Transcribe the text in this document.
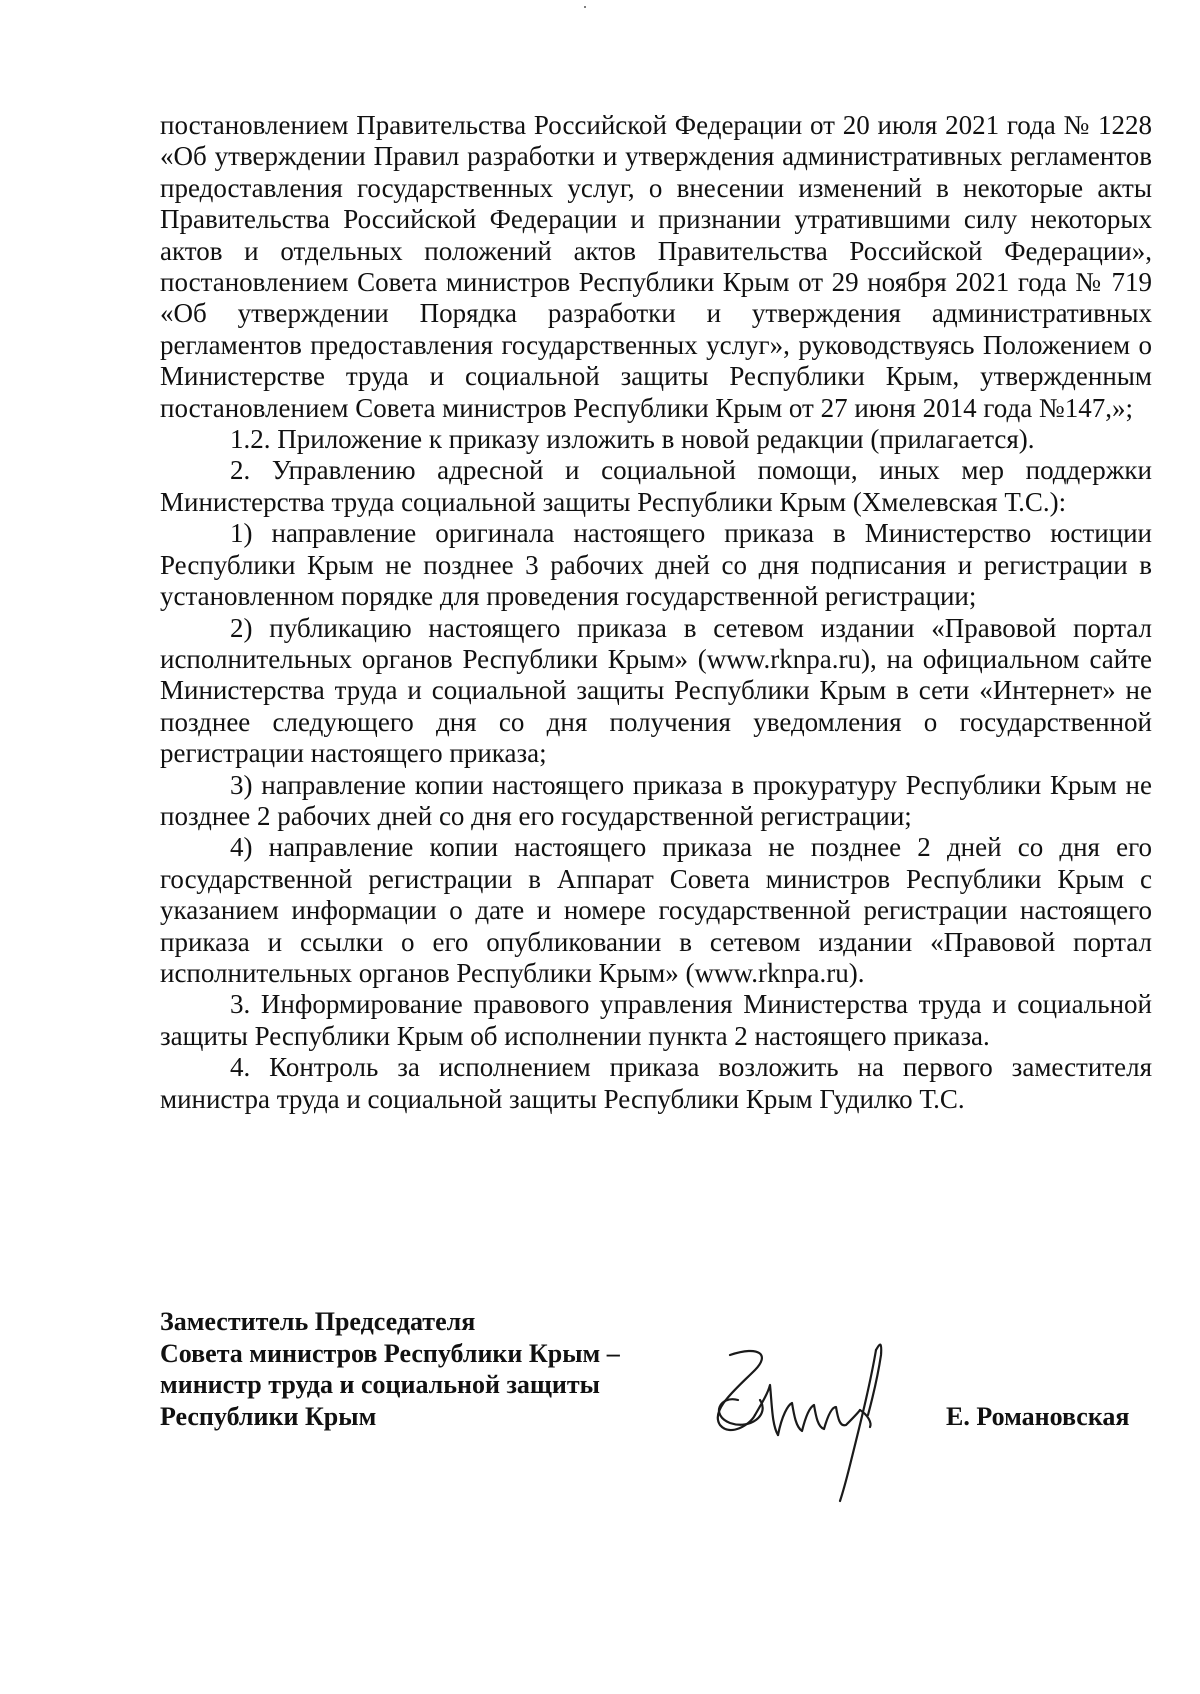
постановлением Правительства Российской Федерации от 20 июля 2021 года № 1228 «Об утверждении Правил разработки и утверждения административных регламентов предоставления государственных услуг, о внесении изменений в некоторые акты Правительства Российской Федерации и признании утратившими силу некоторых актов и отдельных положений актов Правительства Российской Федерации», постановлением Совета министров Республики Крым от 29 ноября 2021 года № 719 «Об утверждении Порядка разработки и утверждения административных регламентов предоставления государственных услуг», руководствуясь Положением о Министерстве труда и социальной защиты Республики Крым, утвержденным постановлением Совета министров Республики Крым от 27 июня 2014 года №147,»;

1.2. Приложение к приказу изложить в новой редакции (прилагается).

2. Управлению адресной и социальной помощи, иных мер поддержки Министерства труда социальной защиты Республики Крым (Хмелевская Т.С.):

1) направление оригинала настоящего приказа в Министерство юстиции Республики Крым не позднее 3 рабочих дней со дня подписания и регистрации в установленном порядке для проведения государственной регистрации;

2) публикацию настоящего приказа в сетевом издании «Правовой портал исполнительных органов Республики Крым» (www.rknpa.ru), на официальном сайте Министерства труда и социальной защиты Республики Крым в сети «Интернет» не позднее следующего дня со дня получения уведомления о государственной регистрации настоящего приказа;

3) направление копии настоящего приказа в прокуратуру Республики Крым не позднее 2 рабочих дней со дня его государственной регистрации;

4) направление копии настоящего приказа не позднее 2 дней со дня его государственной регистрации в Аппарат Совета министров Республики Крым с указанием информации о дате и номере государственной регистрации настоящего приказа и ссылки о его опубликовании в сетевом издании «Правовой портал исполнительных органов Республики Крым» (www.rknpa.ru).

3. Информирование правового управления Министерства труда и социальной защиты Республики Крым об исполнении пункта 2 настоящего приказа.

4. Контроль за исполнением приказа возложить на первого заместителя министра труда и социальной защиты Республики Крым Гудилко Т.С.

Заместитель Председателя
Совета министров Республики Крым –
министр труда и социальной защиты
Республики Крым	Е. Романовская
